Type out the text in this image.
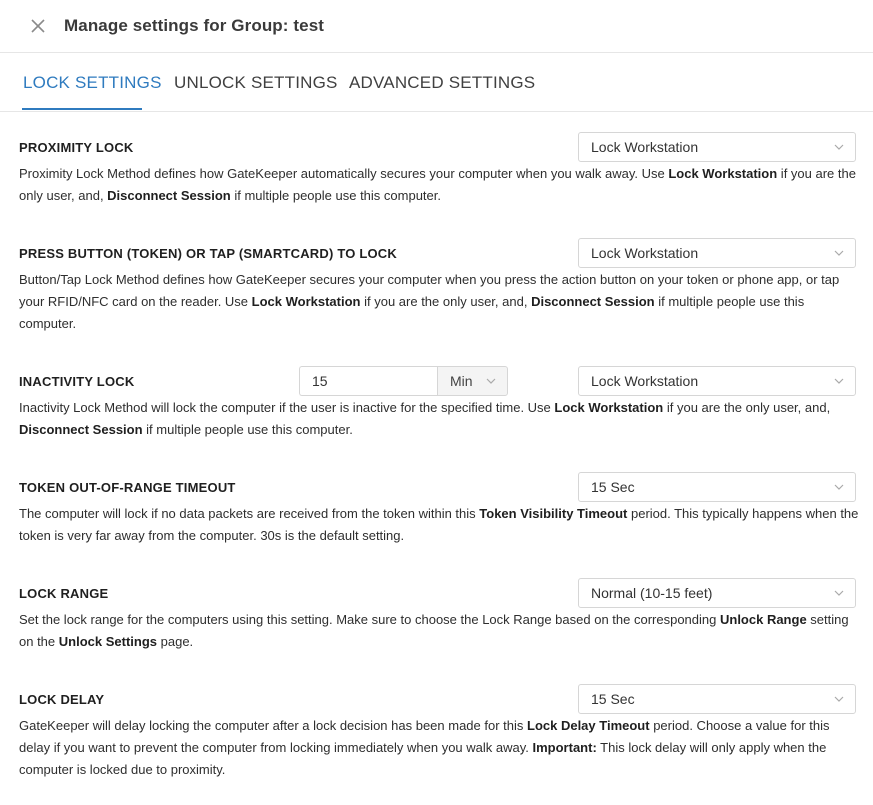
Manage settings for Group: test
LOCK SETTINGS UNLOCK SETTINGS ADVANCED SETTINGS
PROXIMITY LOCK	Lock Workstation
Proximity Lock Method defines how GateKeeper automatically secures your computer when you walk away. Use Lock Workstation if you are the only user, and, Disconnect Session if multiple people use this computer.
PRESS BUTTON (TOKEN) OR TAP (SMARTCARD) TO LOCK	Lock Workstation
Button/Tap Lock Method defines how GateKeeper secures your computer when you press the action button on your token or phone app, or tap your RFID/NFC card on the reader. Use Lock Workstation if you are the only user, and, Disconnect Session if multiple people use this computer.
INACTIVITY LOCK	15	Min	Lock Workstation
Inactivity Lock Method will lock the computer if the user is inactive for the specified time. Use Lock Workstation if you are the only user, and, Disconnect Session if multiple people use this computer.
TOKEN OUT-OF-RANGE TIMEOUT	15 Sec
The computer will lock if no data packets are received from the token within this Token Visibility Timeout period. This typically happens when the token is very far away from the computer. 30s is the default setting.
LOCK RANGE	Normal (10-15 feet)
Set the lock range for the computers using this setting. Make sure to choose the Lock Range based on the corresponding Unlock Range setting on the Unlock Settings page.
LOCK DELAY	15 Sec
GateKeeper will delay locking the computer after a lock decision has been made for this Lock Delay Timeout period. Choose a value for this delay if you want to prevent the computer from locking immediately when you walk away. Important: This lock delay will only apply when the computer is locked due to proximity.
